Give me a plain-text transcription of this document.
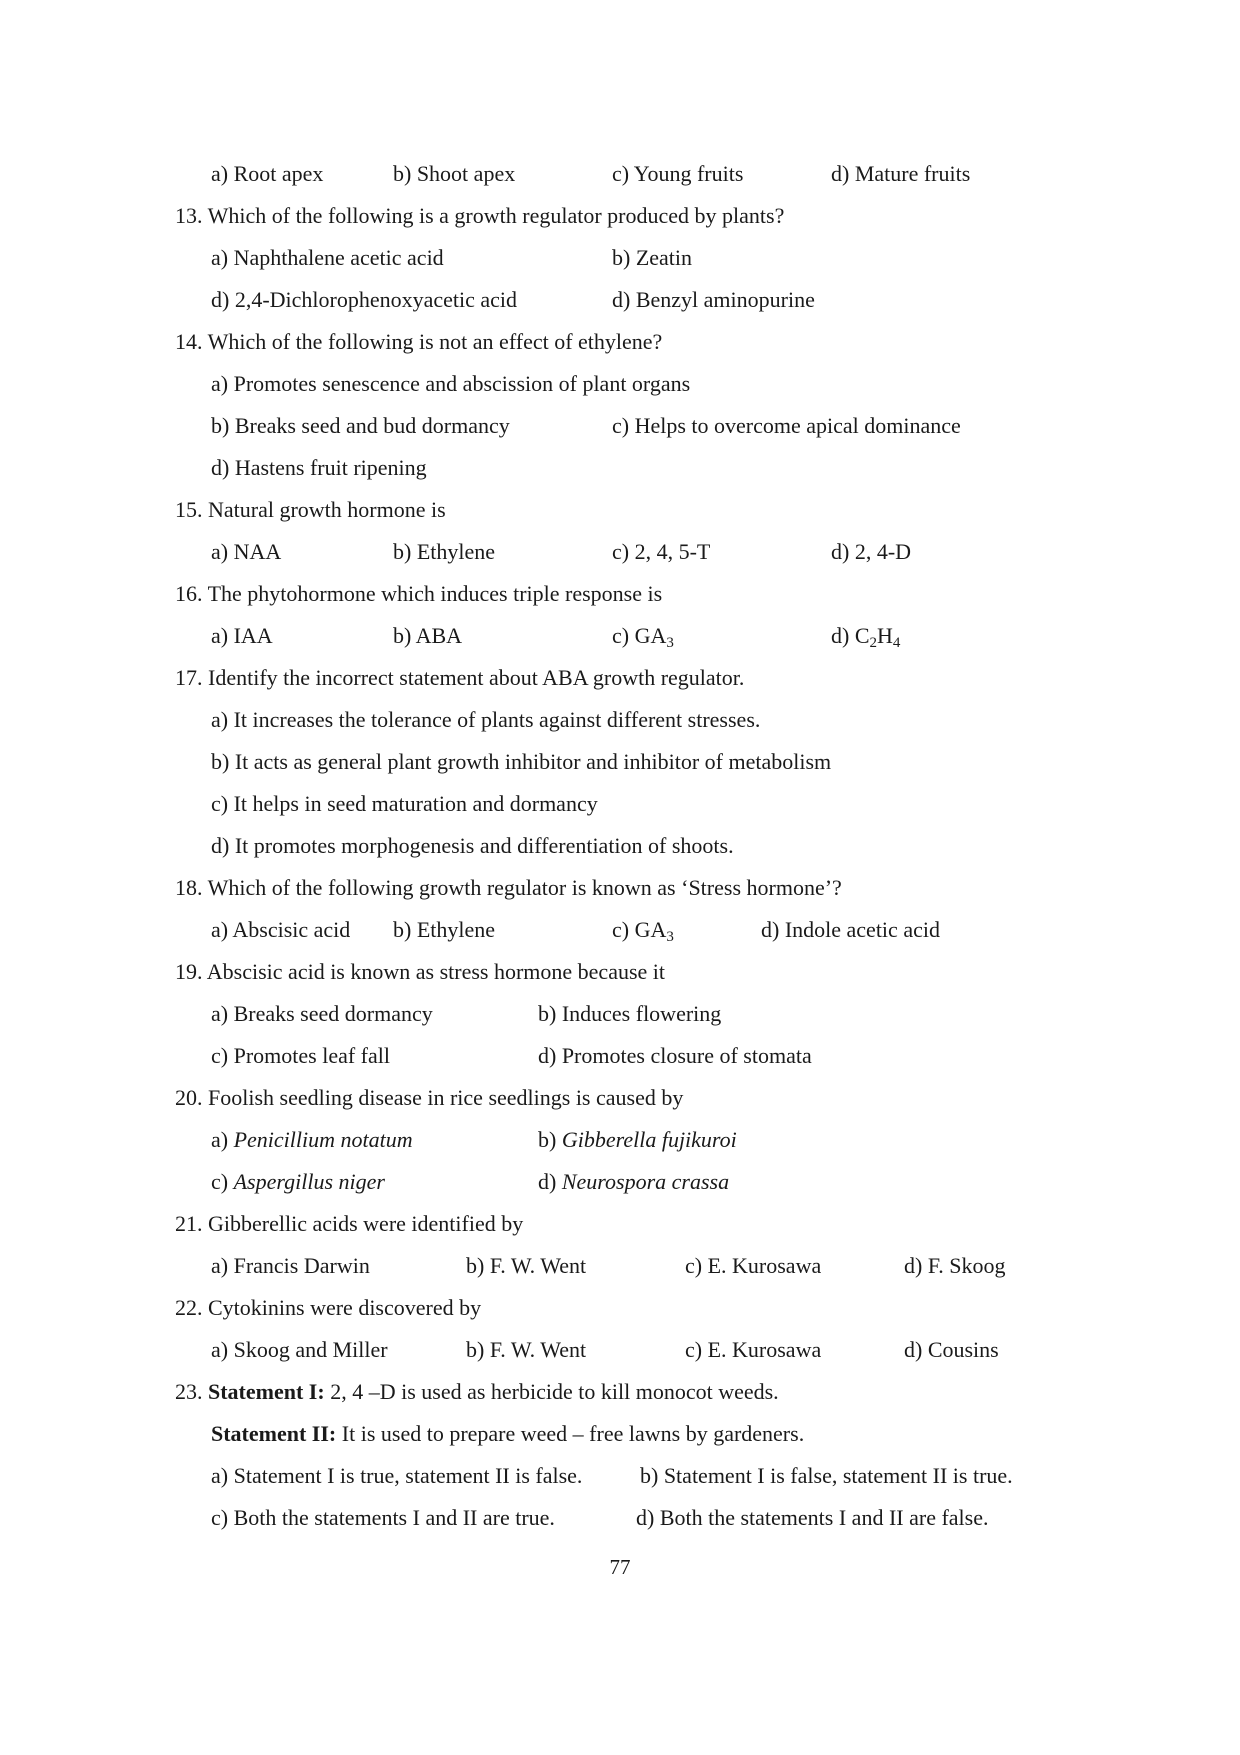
a) Root apex	b) Shoot apex	c) Young fruits	d) Mature fruits
13. Which of the following is a growth regulator produced by plants?
a) Naphthalene acetic acid	b) Zeatin
d) 2,4-Dichlorophenoxyacetic acid	d) Benzyl aminopurine
14. Which of the following is not an effect of ethylene?
a) Promotes senescence and abscission of plant organs
b) Breaks seed and bud dormancy	c) Helps to overcome apical dominance
d) Hastens fruit ripening
15. Natural growth hormone is
a) NAA	b) Ethylene	c) 2, 4, 5-T	d) 2, 4-D
16. The phytohormone which induces triple response is
a) IAA	b) ABA	c) $GA_3$	d) $C_2H_4$
17. Identify the incorrect statement about ABA growth regulator.
a) It increases the tolerance of plants against different stresses.
b) It acts as general plant growth inhibitor and inhibitor of metabolism
c) It helps in seed maturation and dormancy
d) It promotes morphogenesis and differentiation of shoots.
18. Which of the following growth regulator is known as ‘Stress hormone’?
a) Abscisic acid b) Ethylene	c) $GA_3$	d) Indole acetic acid
19. Abscisic acid is known as stress hormone because it
a) Breaks seed dormancy	b) Induces flowering
c) Promotes leaf fall	d) Promotes closure of stomata
20. Foolish seedling disease in rice seedlings is caused by
a) Penicillium notatum	b) Gibberella fujikuroi
c) Aspergillus niger	d) Neurospora crassa
21. Gibberellic acids were identified by
a) Francis Darwin	b) F. W. Went	c) E. Kurosawa	d) F. Skoog
22. Cytokinins were discovered by
a) Skoog and Miller	b) F. W. Went	c) E. Kurosawa	d) Cousins
23. Statement I: 2, 4 –D is used as herbicide to kill monocot weeds.
Statement II: It is used to prepare weed – free lawns by gardeners.
a) Statement I is true, statement II is false.	b) Statement I is false, statement II is true.
c) Both the statements I and II are true.	d) Both the statements I and II are false.
77
